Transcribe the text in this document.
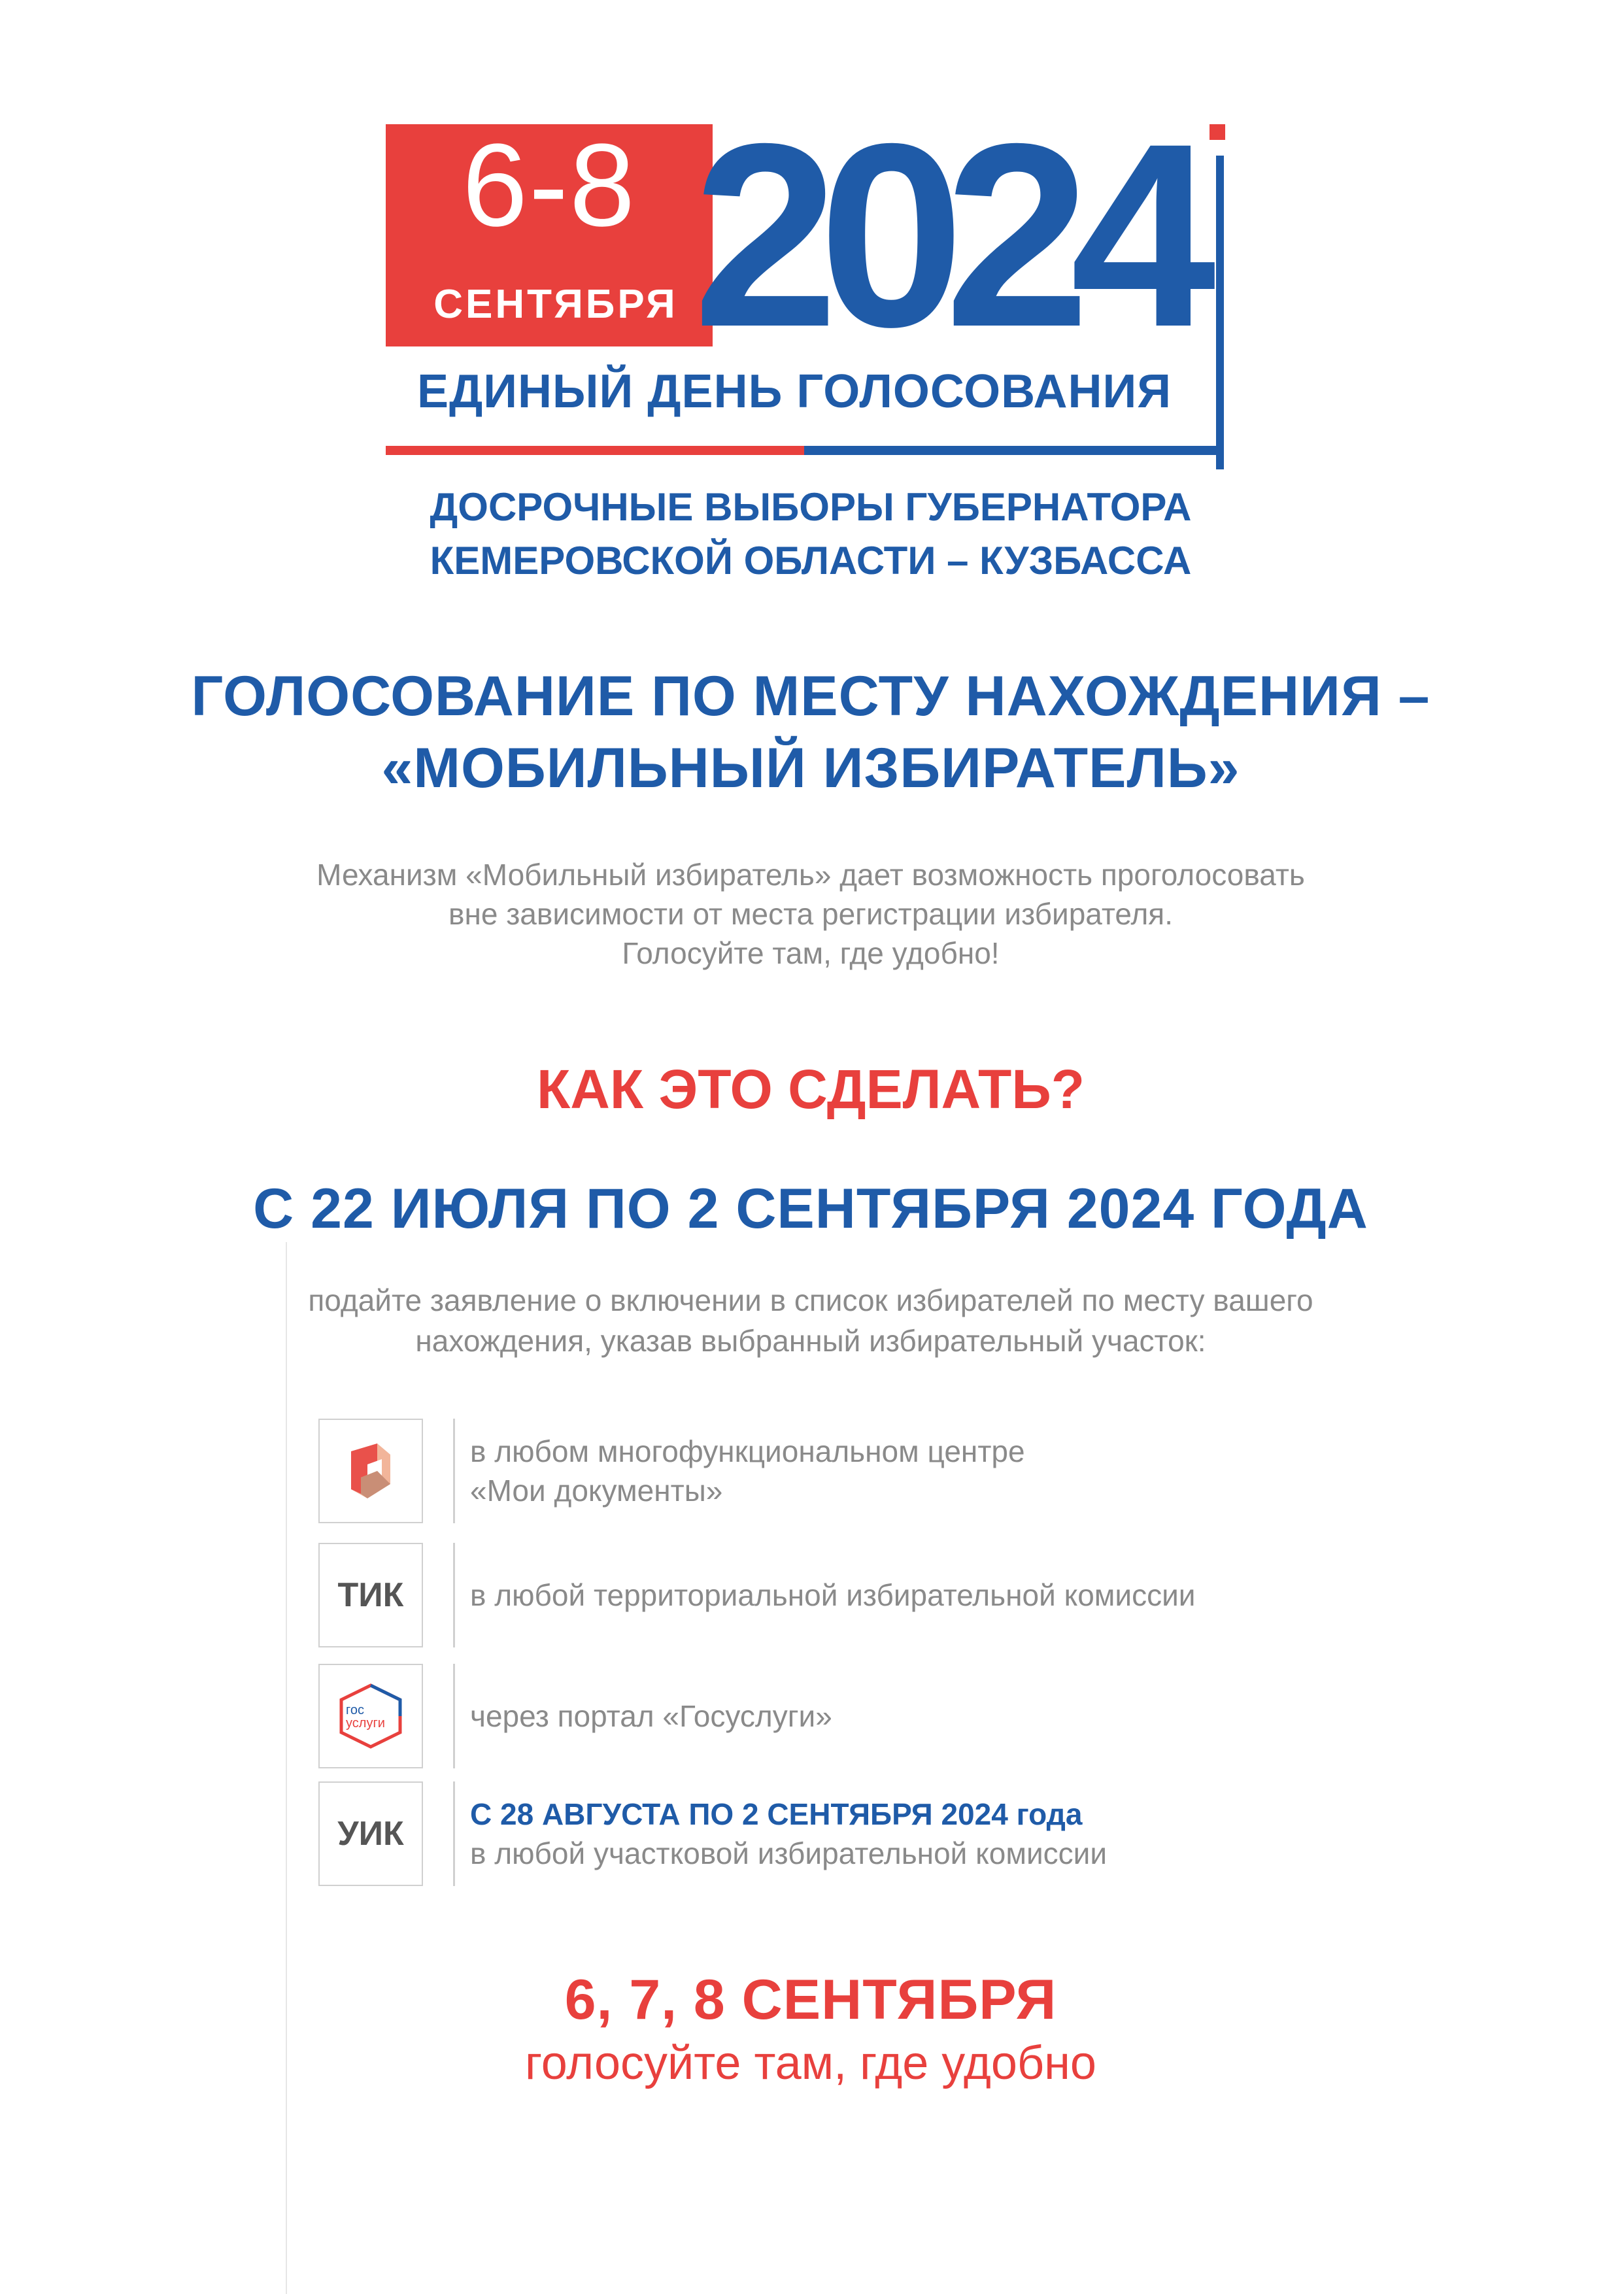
6-8
СЕНТЯБРЯ 2024
ЕДИНЫЙ ДЕНЬ ГОЛОСОВАНИЯ
ДОСРОЧНЫЕ ВЫБОРЫ ГУБЕРНАТОРА
КЕМЕРОВСКОЙ ОБЛАСТИ – КУЗБАССА
ГОЛОСОВАНИЕ ПО МЕСТУ НАХОЖДЕНИЯ –
«МОБИЛЬНЫЙ ИЗБИРАТЕЛЬ»
Механизм «Мобильный избиратель» дает возможность проголосовать
вне зависимости от места регистрации избирателя.
Голосуйте там, где удобно!
КАК ЭТО СДЕЛАТЬ?
С 22 ИЮЛЯ ПО 2 СЕНТЯБРЯ 2024 ГОДА
подайте заявление о включении в список избирателей по месту вашего
нахождения, указав выбранный избирательный участок:
в любом многофункциональном центре
«Мои документы»
ТИК в любой территориальной избирательной комиссии
гос
услуги	через портал «Госуслуги»
УИК
С 28 АВГУСТА ПО 2 СЕНТЯБРЯ 2024 года
в любой участковой избирательной комиссии
6, 7, 8 СЕНТЯБРЯ
голосуйте там, где удобно
